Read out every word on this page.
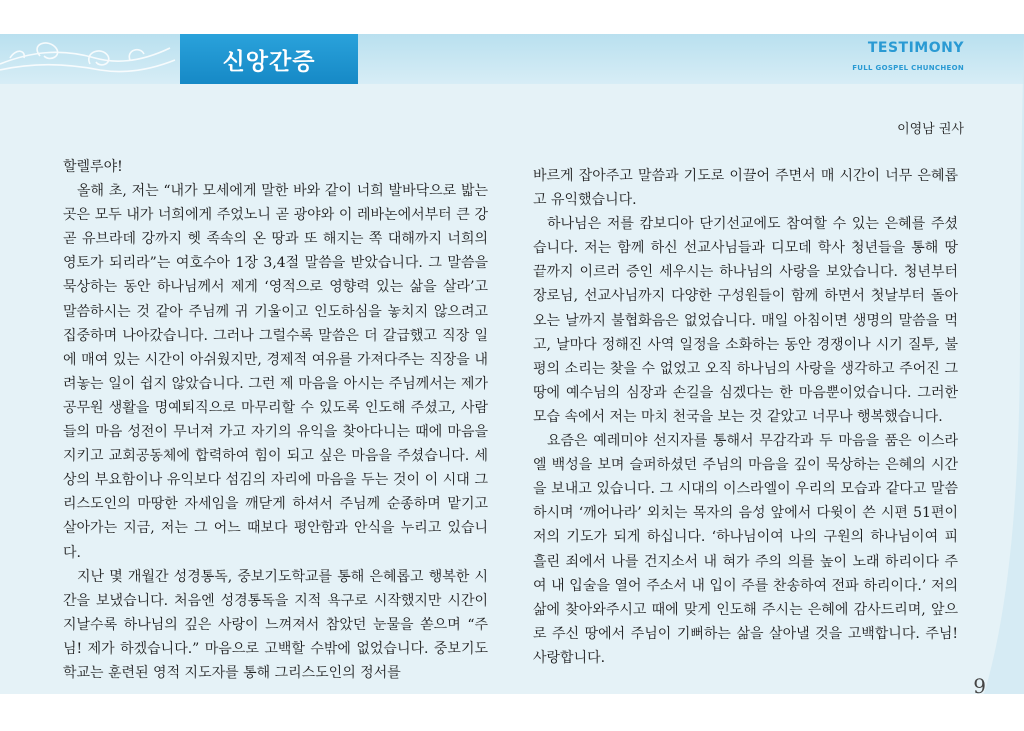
신앙간증
TESTIMONY
FULL GOSPEL CHUNCHEON
이영남 권사

할렐루야!

올해 초, 저는 “내가 모세에게 말한 바와 같이 너희 발바닥으로 밟는 곳은 모두 내가 너희에게 주었노니 곧 광야와 이 레바논에서부터 큰 강 곧 유브라데 강까지 헷 족속의 온 땅과 또 해지는 쪽 대해까지 너희의 영토가 되리라”는 여호수아 1장 3,4절 말씀을 받았습니다. 그 말씀을 묵상하는 동안 하나님께서 제게 ‘영적으로 영향력 있는 삶을 살라’고 말씀하시는 것 같아 주님께 귀 기울이고 인도하심을 놓치지 않으려고 집중하며 나아갔습니다. 그러나 그럴수록 말씀은 더 갈급했고 직장 일에 매여 있는 시간이 아쉬웠지만, 경제적 여유를 가져다주는 직장을 내려놓는 일이 쉽지 않았습니다. 그런 제 마음을 아시는 주님께서는 제가 공무원 생활을 명예퇴직으로 마무리할 수 있도록 인도해 주셨고, 사람들의 마음 성전이 무너져 가고 자기의 유익을 찾아다니는 때에 마음을 지키고 교회공동체에 합력하여 힘이 되고 싶은 마음을 주셨습니다. 세상의 부요함이나 유익보다 섬김의 자리에 마음을 두는 것이 이 시대 그리스도인의 마땅한 자세임을 깨닫게 하셔서 주님께 순종하며 맡기고 살아가는 지금, 저는 그 어느 때보다 평안함과 안식을 누리고 있습니다.

지난 몇 개월간 성경통독, 중보기도학교를 통해 은혜롭고 행복한 시간을 보냈습니다. 처음엔 성경통독을 지적 욕구로 시작했지만 시간이 지날수록 하나님의 깊은 사랑이 느껴져서 참았던 눈물을 쏟으며 “주님! 제가 하겠습니다.” 마음으로 고백할 수밖에 없었습니다. 중보기도학교는 훈련된 영적 지도자를 통해 그리스도인의 정서를

바르게 잡아주고 말씀과 기도로 이끌어 주면서 매 시간이 너무 은혜롭고 유익했습니다.

하나님은 저를 캄보디아 단기선교에도 참여할 수 있는 은혜를 주셨습니다. 저는 함께 하신 선교사님들과 디모데 학사 청년들을 통해 땅 끝까지 이르러 증인 세우시는 하나님의 사랑을 보았습니다. 청년부터 장로님, 선교사님까지 다양한 구성원들이 함께 하면서 첫날부터 돌아오는 날까지 불협화음은 없었습니다. 매일 아침이면 생명의 말씀을 먹고, 날마다 정해진 사역 일정을 소화하는 동안 경쟁이나 시기 질투, 불평의 소리는 찾을 수 없었고 오직 하나님의 사랑을 생각하고 주어진 그 땅에 예수님의 심장과 손길을 심겠다는 한 마음뿐이었습니다. 그러한 모습 속에서 저는 마치 천국을 보는 것 같았고 너무나 행복했습니다.

요즘은 예레미야 선지자를 통해서 무감각과 두 마음을 품은 이스라엘 백성을 보며 슬퍼하셨던 주님의 마음을 깊이 묵상하는 은혜의 시간을 보내고 있습니다. 그 시대의 이스라엘이 우리의 모습과 같다고 말씀하시며 ‘깨어나라’ 외치는 목자의 음성 앞에서 다윗이 쓴 시편 51편이 저의 기도가 되게 하십니다. ‘하나님이여 나의 구원의 하나님이여 피 흘린 죄에서 나를 건지소서 내 혀가 주의 의를 높이 노래 하리이다 주여 내 입술을 열어 주소서 내 입이 주를 찬송하여 전파 하리이다.’ 저의 삶에 찾아와주시고 때에 맞게 인도해 주시는 은혜에 감사드리며, 앞으로 주신 땅에서 주님이 기뻐하는 삶을 살아낼 것을 고백합니다. 주님! 사랑합니다.

9
